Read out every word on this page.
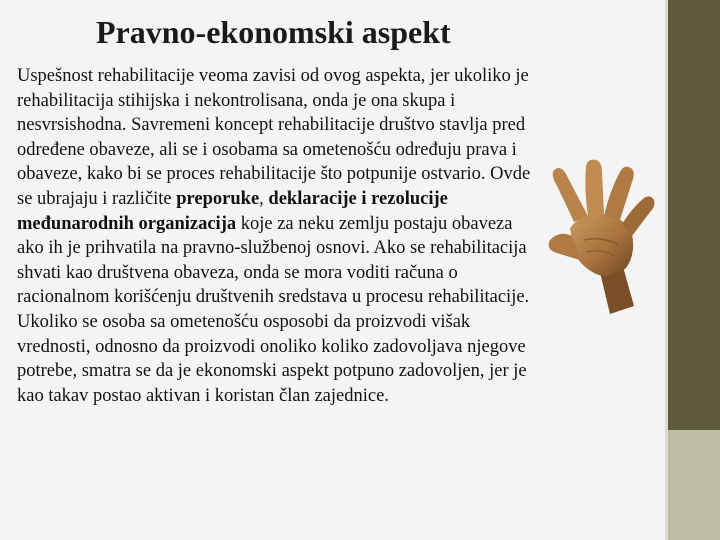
Pravno-ekonomski aspekt

Uspešnost rehabilitacije veoma zavisi od ovog aspekta, jer ukoliko je rehabilitacija stihijska i nekontrolisana, onda je ona skupa i nesvrsishodna. Savremeni koncept rehabilitacije društvo stavlja pred određene obaveze, ali se i osobama sa ometenošću određuju prava i obaveze, kako bi se proces rehabilitacije što potpunije ostvario. Ovde se ubrajaju i različite preporuke, deklaracije i rezolucije međunarodnih organizacija koje za neku zemlju postaju obaveza ako ih je prihvatila na pravno-službenoj osnovi. Ako se rehabilitacija shvati kao društvena obaveza, onda se mora voditi računa o racionalnom korišćenju društvenih sredstava u procesu rehabilitacije. Ukoliko se osoba sa ometenošću osposobi da proizvodi višak vrednosti, odnosno da proizvodi onoliko koliko zadovoljava njegove potrebe, smatra se da je ekonomski aspekt potpuno zadovoljen, jer je kao takav postao aktivan i koristan član zajednice.
